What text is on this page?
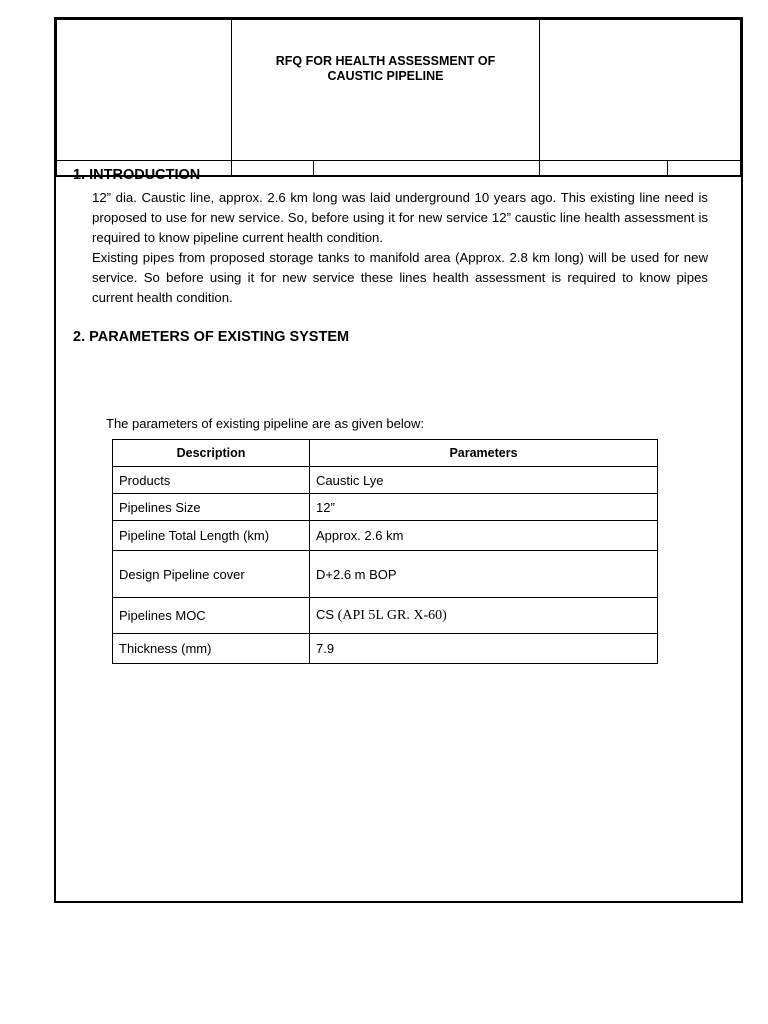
	RFQ FOR HEALTH ASSESSMENT OF
CAUSTIC PIPELINE			

1. INTRODUCTION

12” dia. Caustic line, approx. 2.6 km long was laid underground 10 years ago. This existing line need is proposed to use for new service. So, before using it for new service 12” caustic line health assessment is required to know pipeline current health condition.

Existing pipes from proposed storage tanks to manifold area (Approx. 2.8 km long) will be used for new service. So before using it for new service these lines health assessment is required to know pipes current health condition.

2. PARAMETERS OF EXISTING SYSTEM

The parameters of existing pipeline are as given below:

Description	Parameters
Products	Caustic Lye
Pipelines Size	12”
Pipeline Total Length (km)	Approx. 2.6 km
Design Pipeline cover	D+2.6 m BOP
Pipelines MOC	CS (API 5L GR. X-60)
Thickness (mm)	7.9
